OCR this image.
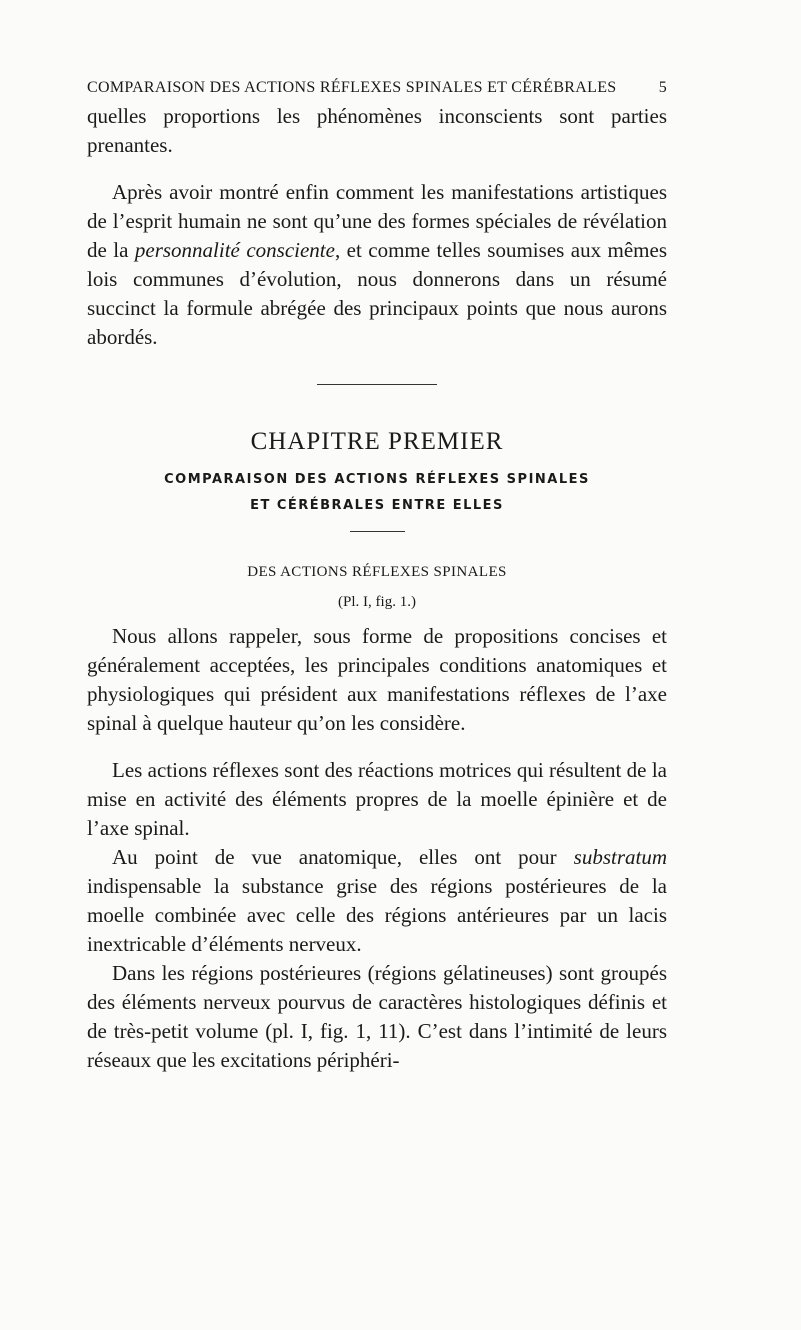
COMPARAISON DES ACTIONS RÉFLEXES SPINALES ET CÉRÉBRALES	5

quelles proportions les phénomènes inconscients sont parties prenantes.

Après avoir montré enfin comment les manifestations artistiques de l’esprit humain ne sont qu’une des formes spéciales de révélation de la personnalité consciente, et comme telles soumises aux mêmes lois communes d’évolution, nous donnerons dans un résumé succinct la formule abrégée des principaux points que nous aurons abordés.

CHAPITRE PREMIER
COMPARAISON DES ACTIONS RÉFLEXES SPINALES
ET CÉRÉBRALES ENTRE ELLES
DES ACTIONS RÉFLEXES SPINALES
(Pl. I, fig. 1.)

Nous allons rappeler, sous forme de propositions concises et généralement acceptées, les principales conditions anatomiques et physiologiques qui président aux manifestations réflexes de l’axe spinal à quelque hauteur qu’on les considère.

Les actions réflexes sont des réactions motrices qui résultent de la mise en activité des éléments propres de la moelle épinière et de l’axe spinal.

Au point de vue anatomique, elles ont pour substratum indispensable la substance grise des régions postérieures de la moelle combinée avec celle des régions antérieures par un lacis inextricable d’éléments nerveux.

Dans les régions postérieures (régions gélatineuses) sont groupés des éléments nerveux pourvus de caractères histologiques définis et de très-petit volume (pl. I, fig. 1, 11). C’est dans l’intimité de leurs réseaux que les excitations périphéri-
